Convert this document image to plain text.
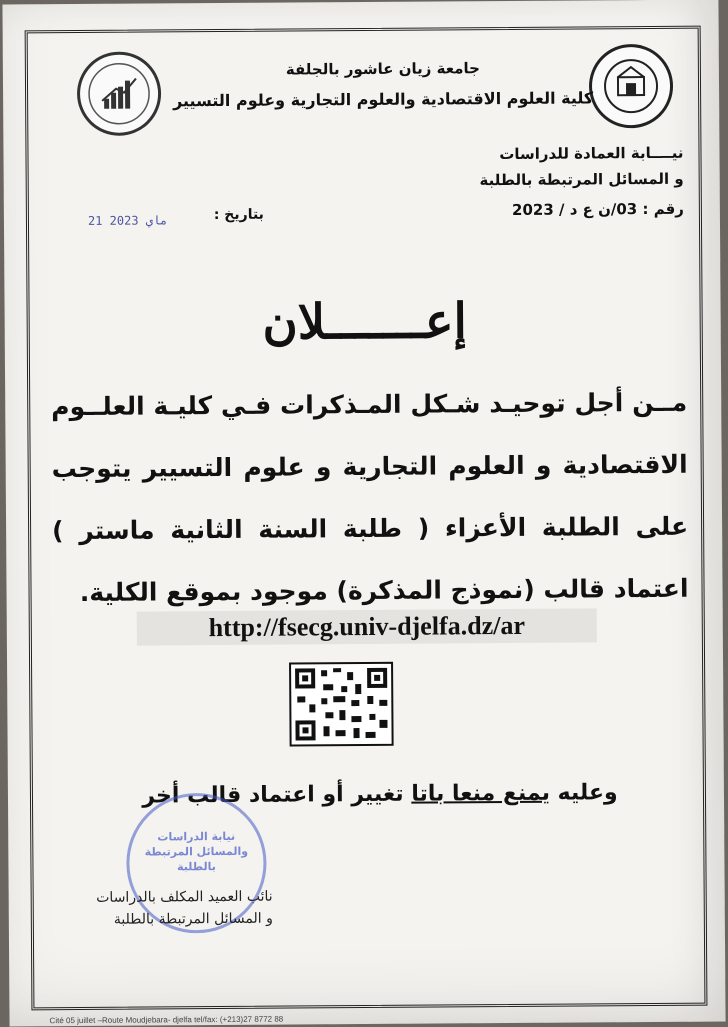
جامعة زيان عاشور بالجلفة
كلية العلوم الاقتصادية والعلوم التجارية وعلوم التسيير
نيــــابة العمادة للدراسات
و المسائل المرتبطة بالطلبة
رقم : 03/ن ع د / 2023
بتاريخ :
21 ماي 2023
إعـــــــلان
مــن أجل توحيـد شـكل المـذكرات فـي كليـة العلــوم الاقتصادية و العلوم التجارية و علوم التسيير يتوجب على الطلبة الأعزاء ( طلبة السنة الثانية ماستر ) اعتماد قالب (نموذج المذكرة) موجود بموقع الكلية.
http://fsecg.univ-djelfa.dz/ar
وعليه يمنع منعا باتا تغيير أو اعتماد قالب أخر
نيابة الدراسات والمسائل المرتبطة بالطلبة
نائب العميد المكلف بالدراسات
و المسائل المرتبطة بالطلبة
Cité 05 juillet –Route Moudjebara- djelfa tel/fax: (+213)27 8772 88
